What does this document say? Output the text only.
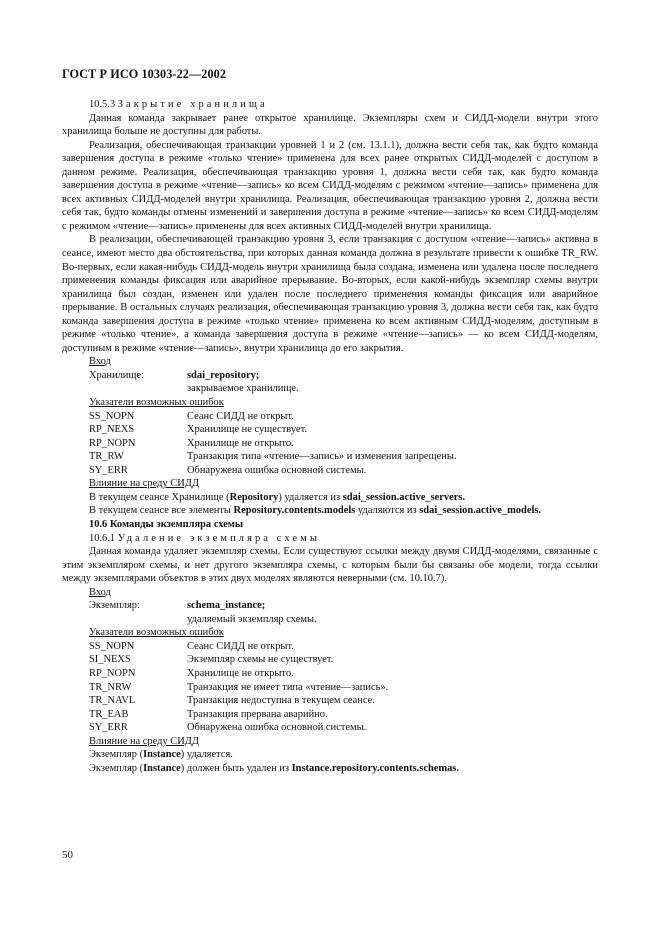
ГОСТ Р ИСО 10303-22—2002

10.5.3 Закрытие хранилища

Данная команда закрывает ранее открытое хранилище. Экземпляры схем и СИДД-модели внутри этого хранилища больше не доступны для работы.

Реализация, обеспечивающая транзакции уровней 1 и 2 (см. 13.1.1), должна вести себя так, как будто команда завершения доступа в режиме «только чтение» применена для всех ранее открытых СИДД-моделей с доступом в данном режиме. Реализация, обеспечивающая транзакцию уровня 1, должна вести себя так, как будто команда завершения доступа в режиме «чтение—запись» ко всем СИДД-моделям с режимом «чтение—запись» применена для всех активных СИДД-моделей внутри хранилища. Реализация, обеспечивающая транзакцию уровня 2, должна вести себя так, будто команды отмены изменений и завершения доступа в режиме «чтение—запись» ко всем СИДД-моделям с режимом «чтение—запись» применены для всех активных СИДД-моделей внутри хранилища.

В реализации, обеспечивающей транзакцию уровня 3, если транзакция с доступом «чтение—запись» активна в сеансе, имеют место два обстоятельства, при которых данная команда должна в результате привести к ошибке TR_RW. Во-первых, если какая-нибудь СИДД-модель внутри хранилища была создана, изменена или удалена после последнего применения команды фиксация или аварийное прерывание. Во-вторых, если какой-нибудь экземпляр схемы внутри хранилища был создан, изменен или удален после последнего применения команды фиксация или аварийное прерывание. В остальных случаях реализация, обеспечивающая транзакцию уровня 3, должна вести себя так, как будто команда завершения доступа в режиме «только чтение» применена ко всем активным СИДД-моделям, доступным в режиме «только чтение», а команда завершения доступа в режиме «чтение—запись» — ко всем СИДД-моделям, доступным в режиме «чтение—запись», внутри хранилища до его закрытия.

Вход

Хранилище:	sdai_repository;

закрываемое хранилище.

Указатели возможных ошибок

SS_NOPN	Сеанс СИДД не открыт.
RP_NEXS	Хранилище не существует.
RP_NOPN	Хранилище не открыто.
TR_RW	Транзакция типа «чтение—запись» и изменения запрещены.
SY_ERR	Обнаружена ошибка основной системы.

Влияние на среду СИДД

В текущем сеансе Хранилище (Repository) удаляется из sdai_session.active_servers.

В текущем сеансе все элементы Repository.contents.models удаляются из sdai_session.active_models.

10.6 Команды экземпляра схемы

10.6.1 Удаление экземпляра схемы

Данная команда удаляет экземпляр схемы. Если существуют ссылки между двумя СИДД-моделями, связанные с этим экземпляром схемы, и нет другого экземпляра схемы, с которым были бы связаны обе модели, тогда ссылки между экземплярами объектов в этих двух моделях являются неверными (см. 10.10.7).

Вход

Экземпляр:	schema_instance;

удаляемый экземпляр схемы.

Указатели возможных ошибок

SS_NOPN	Сеанс СИДД не открыт.
SI_NEXS	Экземпляр схемы не существует.
RP_NOPN	Хранилище не открыто.
TR_NRW	Транзакция не имеет типа «чтение—запись».
TR_NAVL	Транзакция недоступна в текущем сеансе.
TR_EAB	Транзакция прервана аварийно.
SY_ERR	Обнаружена ошибка основной системы.

Влияние на среду СИДД

Экземпляр (Instance) удаляется.

Экземпляр (Instance) должен быть удален из Instance.repository.contents.schemas.

50
